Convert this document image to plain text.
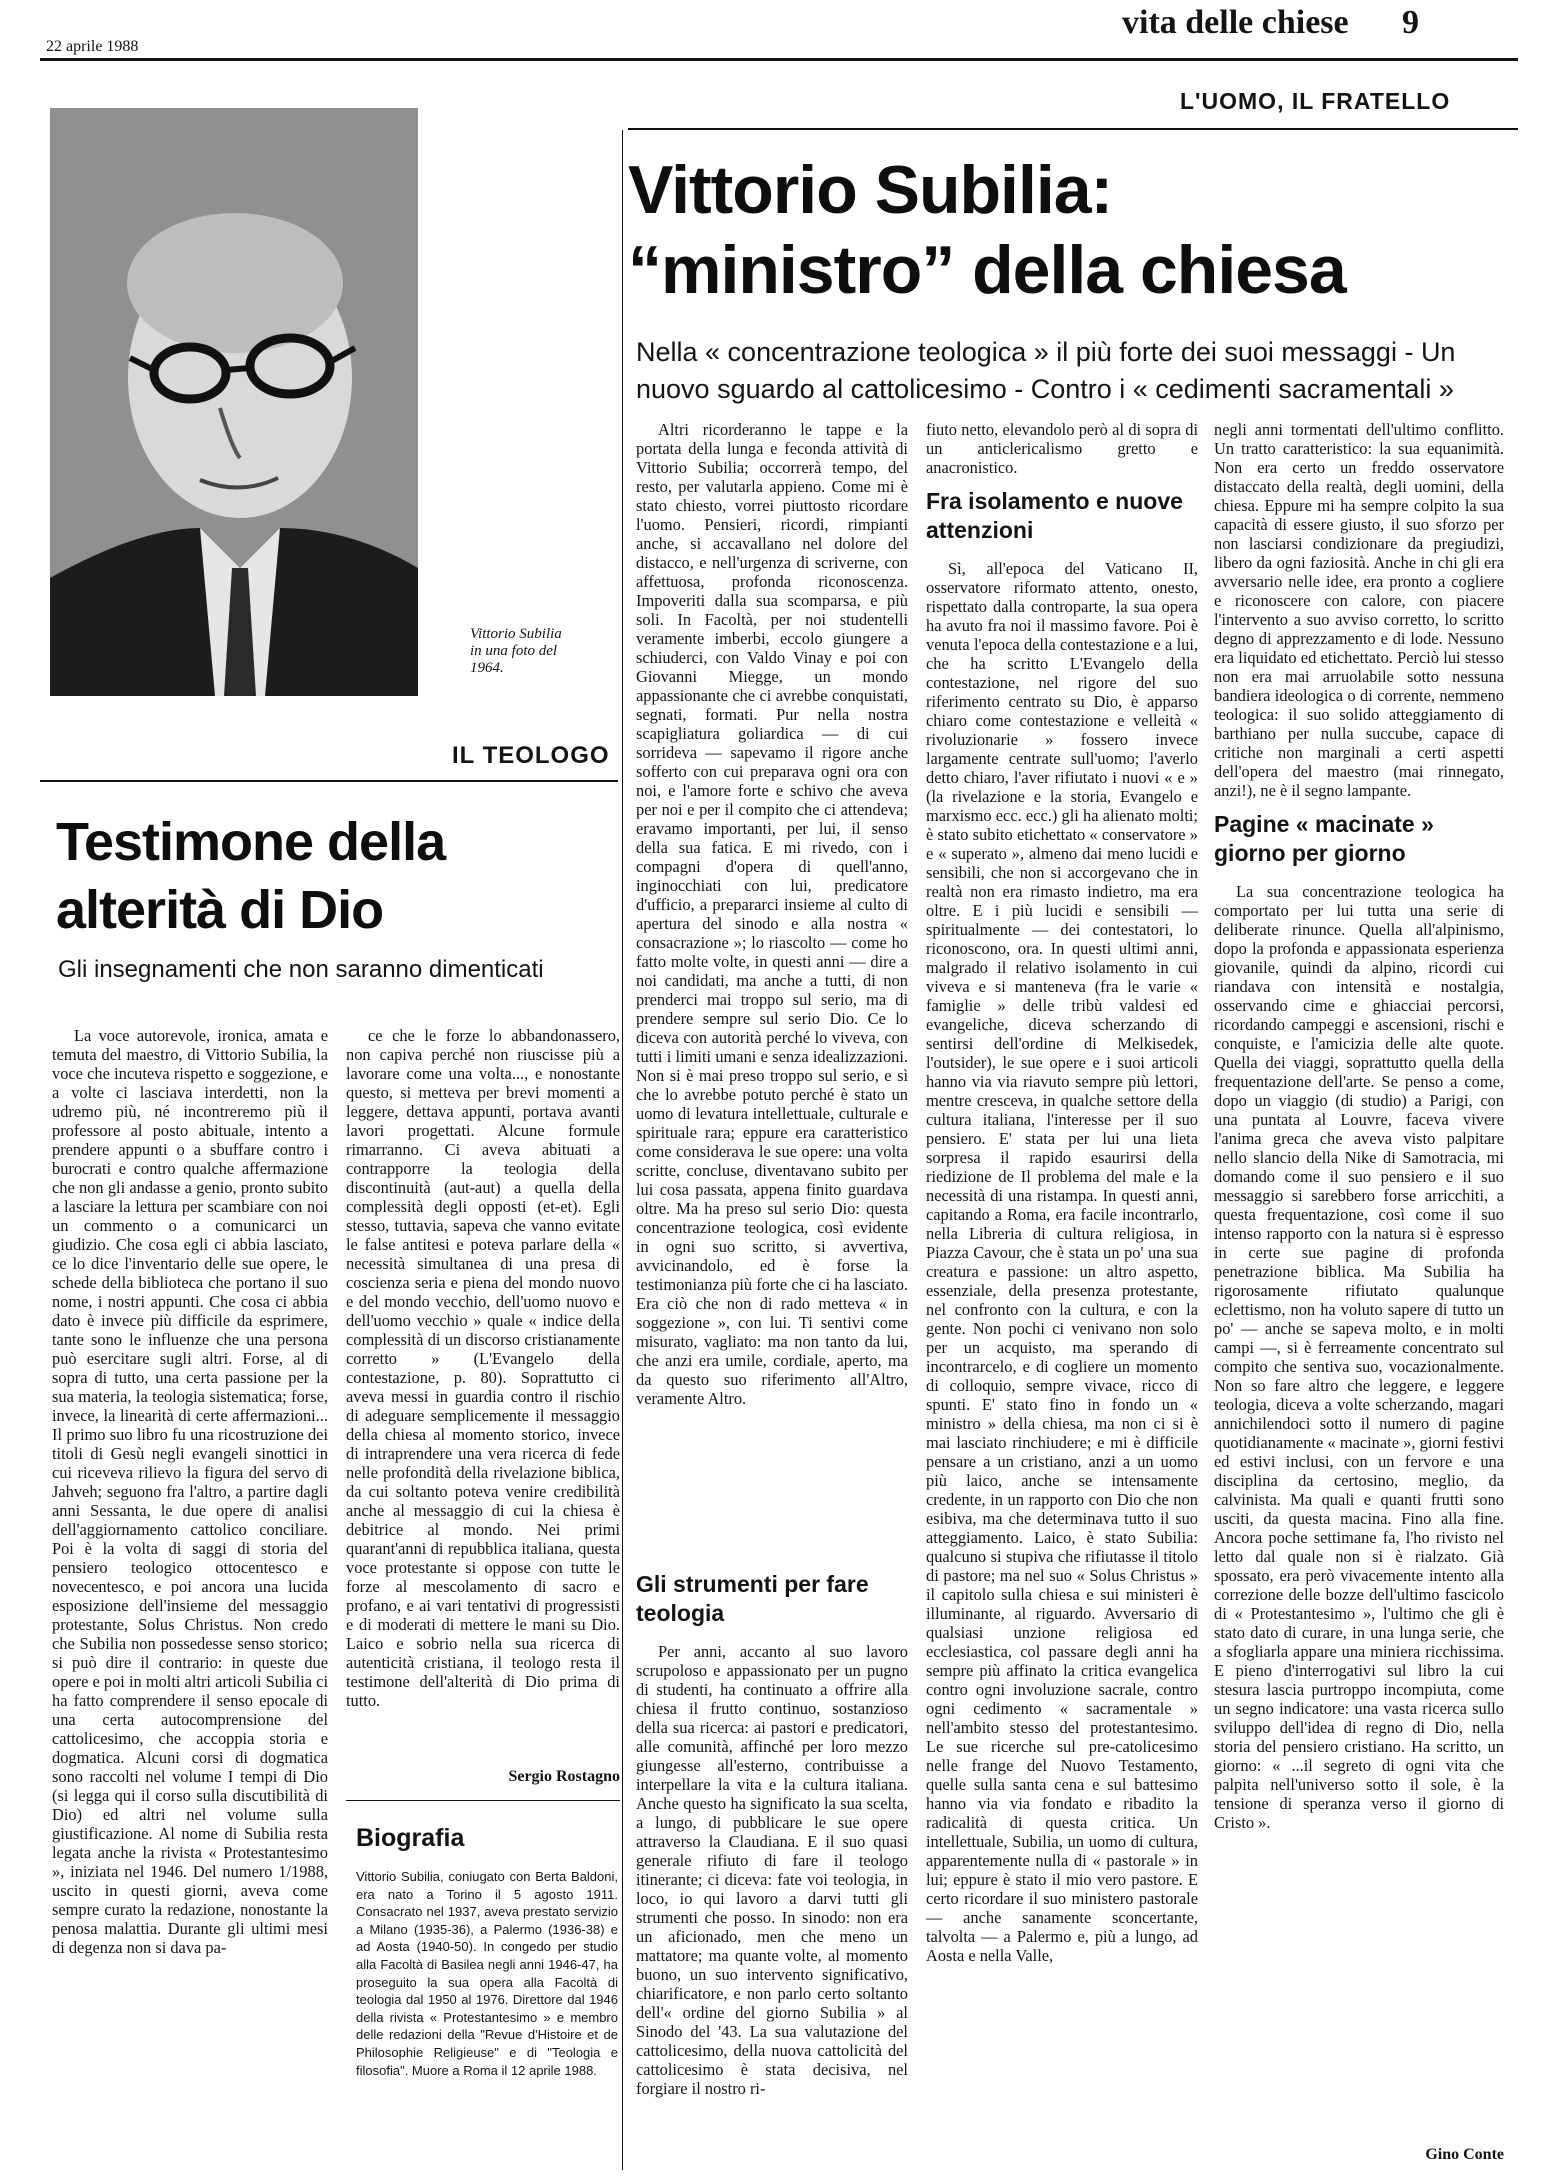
22 aprile 1988
vita delle chiese 9
L'UOMO, IL FRATELLO
Vittorio Subilia in una foto del 1964.
Vittorio Subilia:
“ministro” della chiesa
Nella « concentrazione teologica » il più forte dei suoi messaggi - Un
nuovo sguardo al cattolicesimo - Contro i « cedimenti sacramentali »
IL TEOLOGO
Testimone della
alterità di Dio
Gli insegnamenti che non saranno dimenticati

La voce autorevole, ironica, amata e temuta del maestro, di Vittorio Subilia, la voce che incuteva rispetto e soggezione, e a volte ci lasciava interdetti, non la udremo più, né incontreremo più il professore al posto abituale, intento a prendere appunti o a sbuffare contro i burocrati e contro qualche affermazione che non gli andasse a genio, pronto subito a lasciare la lettura per scambiare con noi un commento o a comunicarci un giudizio. Che cosa egli ci abbia lasciato, ce lo dice l'inventario delle sue opere, le schede della biblioteca che portano il suo nome, i nostri appunti. Che cosa ci abbia dato è invece più difficile da esprimere, tante sono le influenze che una persona può esercitare sugli altri. Forse, al di sopra di tutto, una certa passione per la sua materia, la teologia sistematica; forse, invece, la linearità di certe affermazioni... Il primo suo libro fu una ricostruzione dei titoli di Gesù negli evangeli sinottici in cui riceveva rilievo la figura del servo di Jahveh; seguono fra l'altro, a partire dagli anni Sessanta, le due opere di analisi dell'aggiornamento cattolico conciliare. Poi è la volta di saggi di storia del pensiero teologico ottocentesco e novecentesco, e poi ancora una lucida esposizione dell'insieme del messaggio protestante, Solus Christus. Non credo che Subilia non possedesse senso storico; si può dire il contrario: in queste due opere e poi in molti altri articoli Subilia ci ha fatto comprendere il senso epocale di una certa autocomprensione del cattolicesimo, che accoppia storia e dogmatica. Alcuni corsi di dogmatica sono raccolti nel volume I tempi di Dio (si legga qui il corso sulla discutibilità di Dio) ed altri nel volume sulla giustificazione. Al nome di Subilia resta legata anche la rivista « Protestantesimo », iniziata nel 1946. Del numero 1/1988, uscito in questi giorni, aveva come sempre curato la redazione, nonostante la penosa malattia. Durante gli ultimi mesi di degenza non si dava pa-

ce che le forze lo abbandonassero, non capiva perché non riuscisse più a lavorare come una volta..., e nonostante questo, si metteva per brevi momenti a leggere, dettava appunti, portava avanti lavori progettati. Alcune formule rimarranno. Ci aveva abituati a contrapporre la teologia della discontinuità (aut-aut) a quella della complessità degli opposti (et-et). Egli stesso, tuttavia, sapeva che vanno evitate le false antitesi e poteva parlare della « necessità simultanea di una presa di coscienza seria e piena del mondo nuovo e del mondo vecchio, dell'uomo nuovo e dell'uomo vecchio » quale « indice della complessità di un discorso cristianamente corretto » (L'Evangelo della contestazione, p. 80). Soprattutto ci aveva messi in guardia contro il rischio di adeguare semplicemente il messaggio della chiesa al momento storico, invece di intraprendere una vera ricerca di fede nelle profondità della rivelazione biblica, da cui soltanto poteva venire credibilità anche al messaggio di cui la chiesa è debitrice al mondo. Nei primi quarant'anni di repubblica italiana, questa voce protestante si oppose con tutte le forze al mescolamento di sacro e profano, e ai vari tentativi di progressisti e di moderati di mettere le mani su Dio. Laico e sobrio nella sua ricerca di autenticità cristiana, il teologo resta il testimone dell'alterità di Dio prima di tutto.

Sergio Rostagno
Biografia
Vittorio Subilia, coniugato con Berta Baldoni, era nato a Torino il 5 agosto 1911. Consacrato nel 1937, aveva prestato servizio a Milano (1935-36), a Palermo (1936-38) e ad Aosta (1940-50). In congedo per studio alla Facoltà di Basilea negli anni 1946-47, ha proseguito la sua opera alla Facoltà di teologia dal 1950 al 1976. Direttore dal 1946 della rivista « Protestantesimo » e membro delle redazioni della "Revue d'Histoire et de Philosophie Religieuse" e di "Teologia e filosofia". Muore a Roma il 12 aprile 1988.

Altri ricorderanno le tappe e la portata della lunga e feconda attività di Vittorio Subilia; occorrerà tempo, del resto, per valutarla appieno. Come mi è stato chiesto, vorrei piuttosto ricordare l'uomo. Pensieri, ricordi, rimpianti anche, si accavallano nel dolore del distacco, e nell'urgenza di scriverne, con affettuosa, profonda riconoscenza. Impoveriti dalla sua scomparsa, e più soli. In Facoltà, per noi studentelli veramente imberbi, eccolo giungere a schiuderci, con Valdo Vinay e poi con Giovanni Miegge, un mondo appassionante che ci avrebbe conquistati, segnati, formati. Pur nella nostra scapigliatura goliardica — di cui sorrideva — sapevamo il rigore anche sofferto con cui preparava ogni ora con noi, e l'amore forte e schivo che aveva per noi e per il compito che ci attendeva; eravamo importanti, per lui, il senso della sua fatica. E mi rivedo, con i compagni d'opera di quell'anno, inginocchiati con lui, predicatore d'ufficio, a prepararci insieme al culto di apertura del sinodo e alla nostra « consacrazione »; lo riascolto — come ho fatto molte volte, in questi anni — dire a noi candidati, ma anche a tutti, di non prenderci mai troppo sul serio, ma di prendere sempre sul serio Dio. Ce lo diceva con autorità perché lo viveva, con tutti i limiti umani e senza idealizzazioni. Non si è mai preso troppo sul serio, e sì che lo avrebbe potuto perché è stato un uomo di levatura intellettuale, culturale e spirituale rara; eppure era caratteristico come considerava le sue opere: una volta scritte, concluse, diventavano subito per lui cosa passata, appena finito guardava oltre. Ma ha preso sul serio Dio: questa concentrazione teologica, così evidente in ogni suo scritto, si avvertiva, avvicinandolo, ed è forse la testimonianza più forte che ci ha lasciato. Era ciò che non di rado metteva « in soggezione », con lui. Ti sentivi come misurato, vagliato: ma non tanto da lui, che anzi era umile, cordiale, aperto, ma da questo suo riferimento all'Altro, veramente Altro.

Gli strumenti per fare teologia

Per anni, accanto al suo lavoro scrupoloso e appassionato per un pugno di studenti, ha continuato a offrire alla chiesa il frutto continuo, sostanzioso della sua ricerca: ai pastori e predicatori, alle comunità, affinché per loro mezzo giungesse all'esterno, contribuisse a interpellare la vita e la cultura italiana. Anche questo ha significato la sua scelta, a lungo, di pubblicare le sue opere attraverso la Claudiana. E il suo quasi generale rifiuto di fare il teologo itinerante; ci diceva: fate voi teologia, in loco, io qui lavoro a darvi tutti gli strumenti che posso. In sinodo: non era un aficionado, men che meno un mattatore; ma quante volte, al momento buono, un suo intervento significativo, chiarificatore, e non parlo certo soltanto dell'« ordine del giorno Subilia » al Sinodo del '43. La sua valutazione del cattolicesimo, della nuova cattolicità del cattolicesimo è stata decisiva, nel forgiare il nostro ri-

fiuto netto, elevandolo però al di sopra di un anticlericalismo gretto e anacronistico.

Fra isolamento e nuove attenzioni

Sì, all'epoca del Vaticano II, osservatore riformato attento, onesto, rispettato dalla controparte, la sua opera ha avuto fra noi il massimo favore. Poi è venuta l'epoca della contestazione e a lui, che ha scritto L'Evangelo della contestazione, nel rigore del suo riferimento centrato su Dio, è apparso chiaro come contestazione e velleità « rivoluzionarie » fossero invece largamente centrate sull'uomo; l'averlo detto chiaro, l'aver rifiutato i nuovi « e » (la rivelazione e la storia, Evangelo e marxismo ecc. ecc.) gli ha alienato molti; è stato subito etichettato « conservatore » e « superato », almeno dai meno lucidi e sensibili, che non si accorgevano che in realtà non era rimasto indietro, ma era oltre. E i più lucidi e sensibili — spiritualmente — dei contestatori, lo riconoscono, ora. In questi ultimi anni, malgrado il relativo isolamento in cui viveva e si manteneva (fra le varie « famiglie » delle tribù valdesi ed evangeliche, diceva scherzando di sentirsi dell'ordine di Melkisedek, l'outsider), le sue opere e i suoi articoli hanno via via riavuto sempre più lettori, mentre cresceva, in qualche settore della cultura italiana, l'interesse per il suo pensiero. E' stata per lui una lieta sorpresa il rapido esaurirsi della riedizione de Il problema del male e la necessità di una ristampa. In questi anni, capitando a Roma, era facile incontrarlo, nella Libreria di cultura religiosa, in Piazza Cavour, che è stata un po' una sua creatura e passione: un altro aspetto, essenziale, della presenza protestante, nel confronto con la cultura, e con la gente. Non pochi ci venivano non solo per un acquisto, ma sperando di incontrarcelo, e di cogliere un momento di colloquio, sempre vivace, ricco di spunti. E' stato fino in fondo un « ministro » della chiesa, ma non ci si è mai lasciato rinchiudere; e mi è difficile pensare a un cristiano, anzi a un uomo più laico, anche se intensamente credente, in un rapporto con Dio che non esibiva, ma che determinava tutto il suo atteggiamento. Laico, è stato Subilia: qualcuno si stupiva che rifiutasse il titolo di pastore; ma nel suo « Solus Christus » il capitolo sulla chiesa e sui ministeri è illuminante, al riguardo. Avversario di qualsiasi unzione religiosa ed ecclesiastica, col passare degli anni ha sempre più affinato la critica evangelica contro ogni involuzione sacrale, contro ogni cedimento « sacramentale » nell'ambito stesso del protestantesimo. Le sue ricerche sul pre-catolicesimo nelle frange del Nuovo Testamento, quelle sulla santa cena e sul battesimo hanno via via fondato e ribadito la radicalità di questa critica. Un intellettuale, Subilia, un uomo di cultura, apparentemente nulla di « pastorale » in lui; eppure è stato il mio vero pastore. E certo ricordare il suo ministero pastorale — anche sanamente sconcertante, talvolta — a Palermo e, più a lungo, ad Aosta e nella Valle,

negli anni tormentati dell'ultimo conflitto. Un tratto caratteristico: la sua equanimità. Non era certo un freddo osservatore distaccato della realtà, degli uomini, della chiesa. Eppure mi ha sempre colpito la sua capacità di essere giusto, il suo sforzo per non lasciarsi condizionare da pregiudizi, libero da ogni faziosità. Anche in chi gli era avversario nelle idee, era pronto a cogliere e riconoscere con calore, con piacere l'intervento a suo avviso corretto, lo scritto degno di apprezzamento e di lode. Nessuno era liquidato ed etichettato. Perciò lui stesso non era mai arruolabile sotto nessuna bandiera ideologica o di corrente, nemmeno teologica: il suo solido atteggiamento di barthiano per nulla succube, capace di critiche non marginali a certi aspetti dell'opera del maestro (mai rinnegato, anzi!), ne è il segno lampante.

Pagine « macinate » giorno per giorno

La sua concentrazione teologica ha comportato per lui tutta una serie di deliberate rinunce. Quella all'alpinismo, dopo la profonda e appassionata esperienza giovanile, quindi da alpino, ricordi cui riandava con intensità e nostalgia, osservando cime e ghiacciai percorsi, ricordando campeggi e ascensioni, rischi e conquiste, e l'amicizia delle alte quote. Quella dei viaggi, soprattutto quella della frequentazione dell'arte. Se penso a come, dopo un viaggio (di studio) a Parigi, con una puntata al Louvre, faceva vivere l'anima greca che aveva visto palpitare nello slancio della Nike di Samotracia, mi domando come il suo pensiero e il suo messaggio si sarebbero forse arricchiti, a questa frequentazione, così come il suo intenso rapporto con la natura si è espresso in certe sue pagine di profonda penetrazione biblica. Ma Subilia ha rigorosamente rifiutato qualunque eclettismo, non ha voluto sapere di tutto un po' — anche se sapeva molto, e in molti campi —, si è ferreamente concentrato sul compito che sentiva suo, vocazionalmente. Non so fare altro che leggere, e leggere teologia, diceva a volte scherzando, magari annichilendoci sotto il numero di pagine quotidianamente « macinate », giorni festivi ed estivi inclusi, con un fervore e una disciplina da certosino, meglio, da calvinista. Ma quali e quanti frutti sono usciti, da questa macina. Fino alla fine. Ancora poche settimane fa, l'ho rivisto nel letto dal quale non si è rialzato. Già spossato, era però vivacemente intento alla correzione delle bozze dell'ultimo fascicolo di « Protestantesimo », l'ultimo che gli è stato dato di curare, in una lunga serie, che a sfogliarla appare una miniera ricchissima. E pieno d'interrogativi sul libro la cui stesura lascia purtroppo incompiuta, come un segno indicatore: una vasta ricerca sullo sviluppo dell'idea di regno di Dio, nella storia del pensiero cristiano. Ha scritto, un giorno: « ...il segreto di ogni vita che palpita nell'universo sotto il sole, è la tensione di speranza verso il giorno di Cristo ».

Gino Conte
